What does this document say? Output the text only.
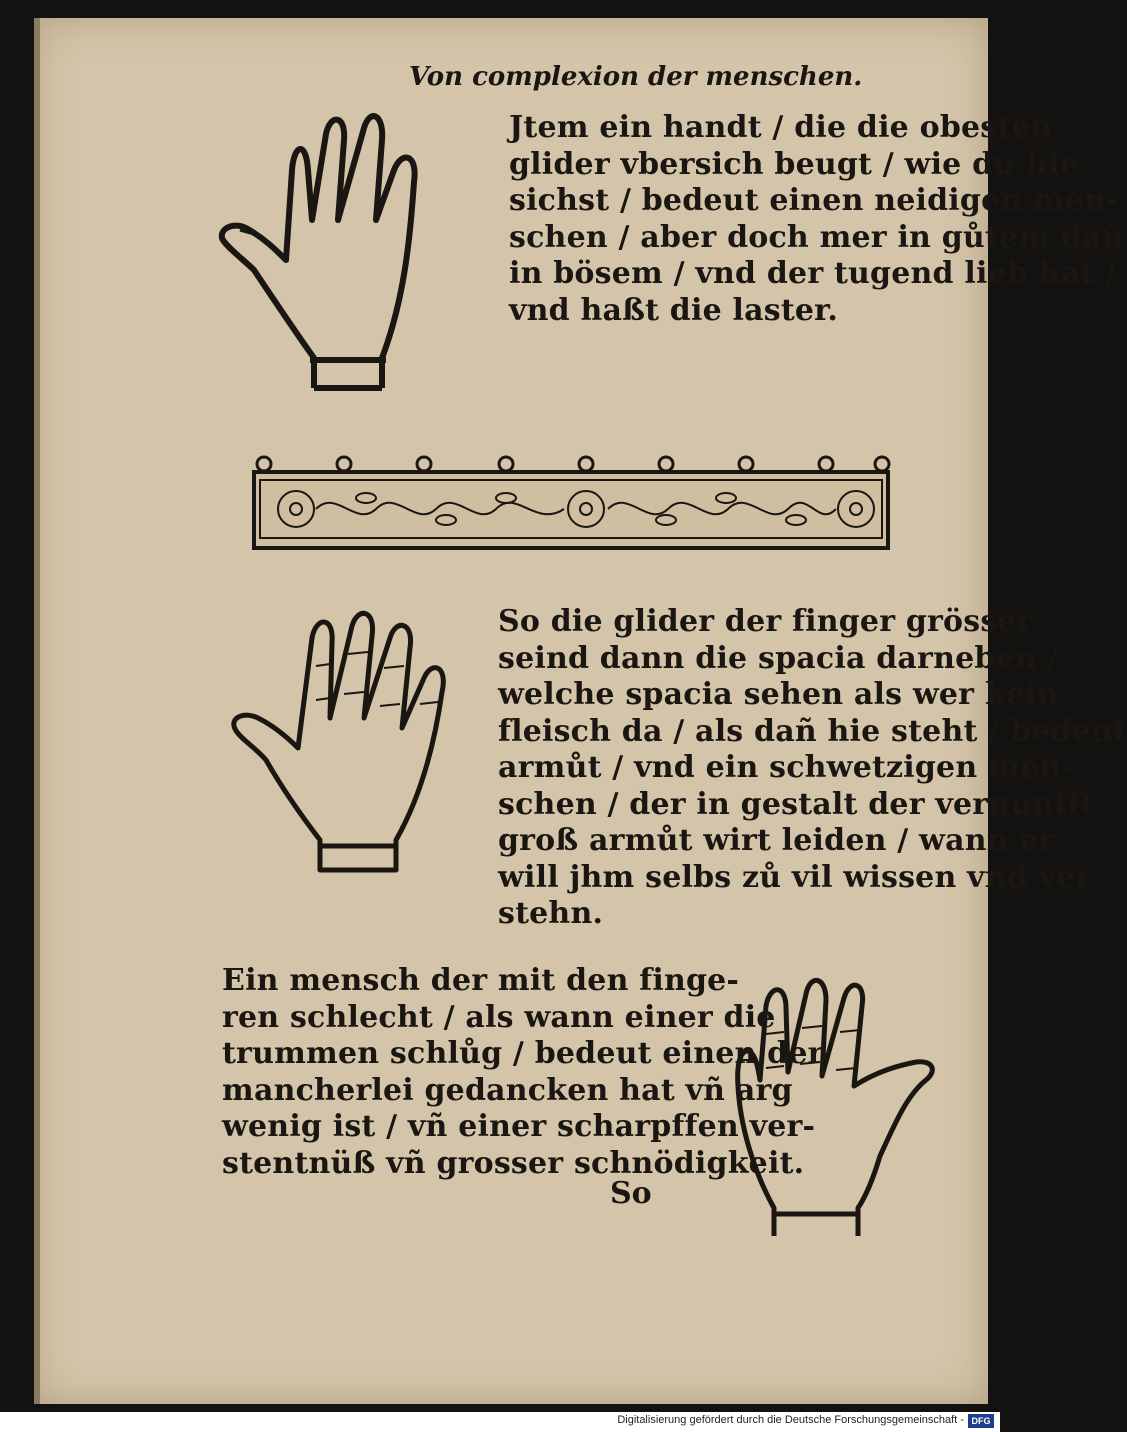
Von complexion der menschen.
Jtem ein handt / die die obesten
glider vbersich beugt / wie du hie
sichst / bedeut einen neidigen men-
schen / aber doch mer in gůtem dañ
in bösem / vnd der tugend lieb hat /
vnd haßt die laster.
So die glider der finger grösser
seind dann die spacia darneben /
welche spacia sehen als wer kein
fleisch da / als dañ hie steht / bedeut
armůt / vnd ein schwetzigen men-
schen / der in gestalt der vernunfft
groß armůt wirt leiden / wann er
will jhm selbs zů vil wissen vnd ver
stehn.
Ein mensch der mit den finge-
ren schlecht / als wann einer die
trummen schlůg / bedeut einen der
mancherlei gedancken hat vñ arg
wenig ist / vñ einer scharpffen ver-
stentnüß vñ grosser schnödigkeit.
So
Digitalisierung gefördert durch die Deutsche Forschungsgemeinschaft - DFG
